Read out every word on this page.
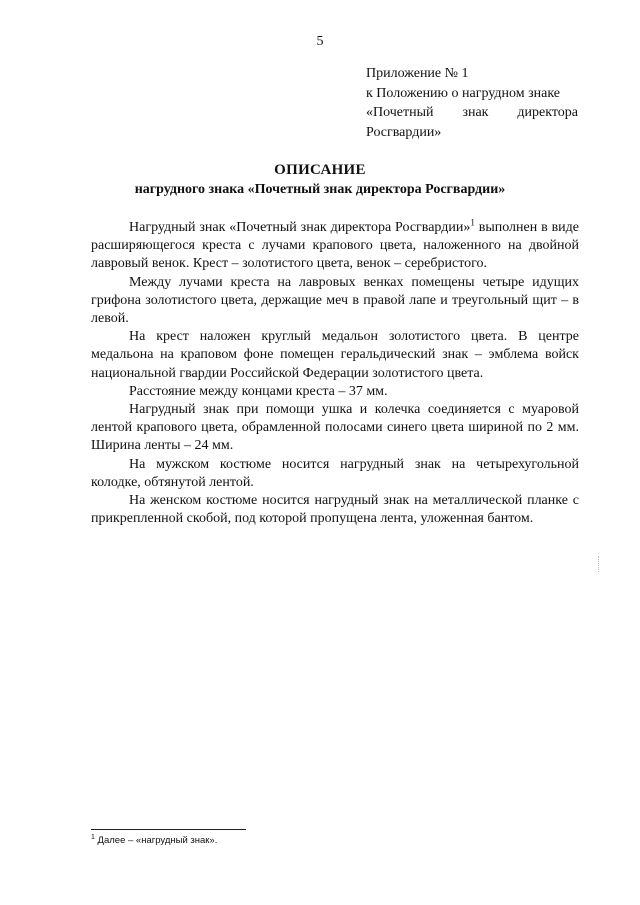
5
Приложение № 1
к Положению о нагрудном знаке
«Почетный знак директора
Росгвардии»
ОПИСАНИЕ
нагрудного знака «Почетный знак директора Росгвардии»

Нагрудный знак «Почетный знак директора Росгвардии»$^1$ выполнен в виде расширяющегося креста с лучами крапового цвета, наложенного на двойной лавровый венок. Крест – золотистого цвета, венок – серебристого.

Между лучами креста на лавровых венках помещены четыре идущих грифона золотистого цвета, держащие меч в правой лапе и треугольный щит – в левой.

На крест наложен круглый медальон золотистого цвета. В центре медальона на краповом фоне помещен геральдический знак – эмблема войск национальной гвардии Российской Федерации золотистого цвета.

Расстояние между концами креста – 37 мм.

Нагрудный знак при помощи ушка и колечка соединяется с муаровой лентой крапового цвета, обрамленной полосами синего цвета шириной по 2 мм. Ширина ленты – 24 мм.

На мужском костюме носится нагрудный знак на четырехугольной колодке, обтянутой лентой.

На женском костюме носится нагрудный знак на металлической планке с прикрепленной скобой, под которой пропущена лента, уложенная бантом.

$^1$ Далее – «нагрудный знак».
